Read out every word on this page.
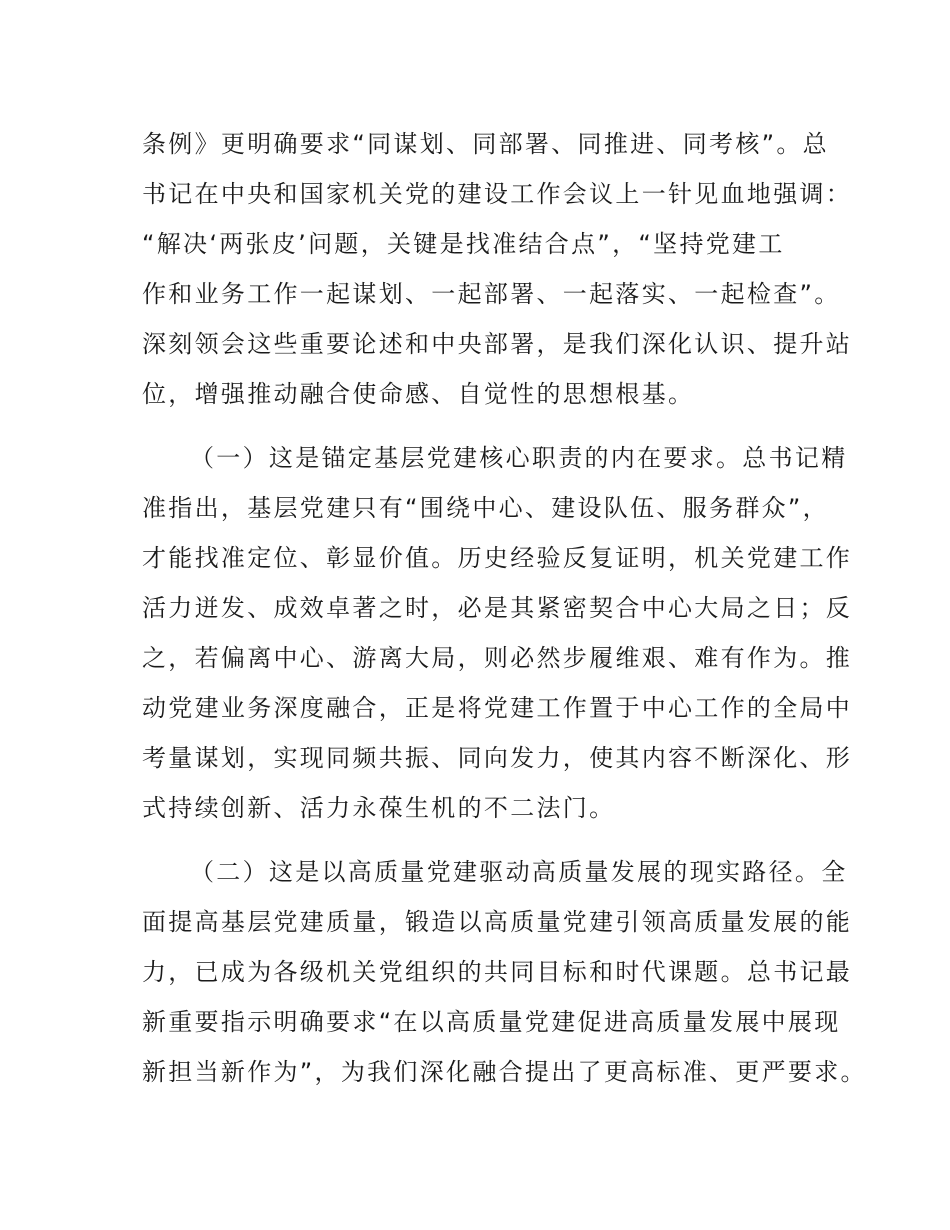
条例》更明确要求“同谋划、同部署、同推进、同考核”。总
书记在中央和国家机关党的建设工作会议上一针见血地强调：
“解决‘两张皮’问题，关键是找准结合点”，“坚持党建工
作和业务工作一起谋划、一起部署、一起落实、一起检查”。
深刻领会这些重要论述和中央部署，是我们深化认识、提升站
位，增强推动融合使命感、自觉性的思想根基。
（一）这是锚定基层党建核心职责的内在要求。总书记精
准指出，基层党建只有“围绕中心、建设队伍、服务群众”，
才能找准定位、彰显价值。历史经验反复证明，机关党建工作
活力迸发、成效卓著之时，必是其紧密契合中心大局之日；反
之，若偏离中心、游离大局，则必然步履维艰、难有作为。推
动党建业务深度融合，正是将党建工作置于中心工作的全局中
考量谋划，实现同频共振、同向发力，使其内容不断深化、形
式持续创新、活力永葆生机的不二法门。
（二）这是以高质量党建驱动高质量发展的现实路径。全
面提高基层党建质量，锻造以高质量党建引领高质量发展的能
力，已成为各级机关党组织的共同目标和时代课题。总书记最
新重要指示明确要求“在以高质量党建促进高质量发展中展现
新担当新作为”，为我们深化融合提出了更高标准、更严要求。
